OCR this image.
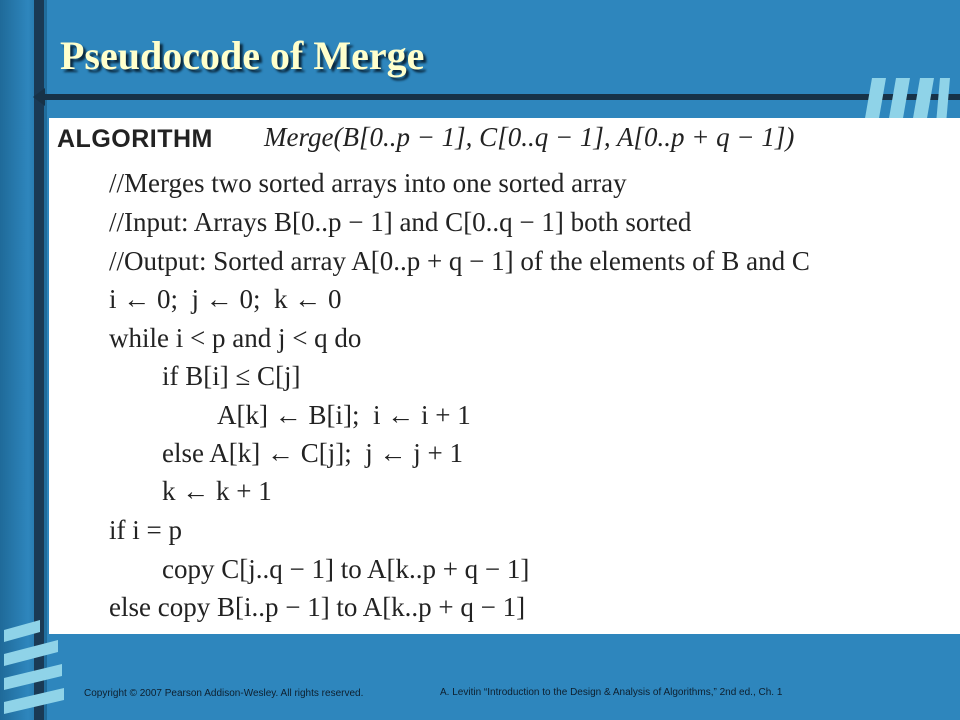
Pseudocode of Merge
ALGORITHM Merge(B[0..p − 1], C[0..q − 1], A[0..p + q − 1])
//Merges two sorted arrays into one sorted array
//Input: Arrays B[0..p − 1] and C[0..q − 1] both sorted
//Output: Sorted array A[0..p + q − 1] of the elements of B and C
i ← 0;  j ← 0;  k ← 0
while i < p and j < q do
if B[i] ≤ C[j]
A[k] ← B[i];  i ← i + 1
else A[k] ← C[j];  j ← j + 1
k ← k + 1
if i = p
copy C[j..q − 1] to A[k..p + q − 1]
else copy B[i..p − 1] to A[k..p + q − 1]
Copyright © 2007 Pearson Addison-Wesley. All rights reserved.	A. Levitin “Introduction to the Design & Analysis of Algorithms,” 2nd ed., Ch. 1
